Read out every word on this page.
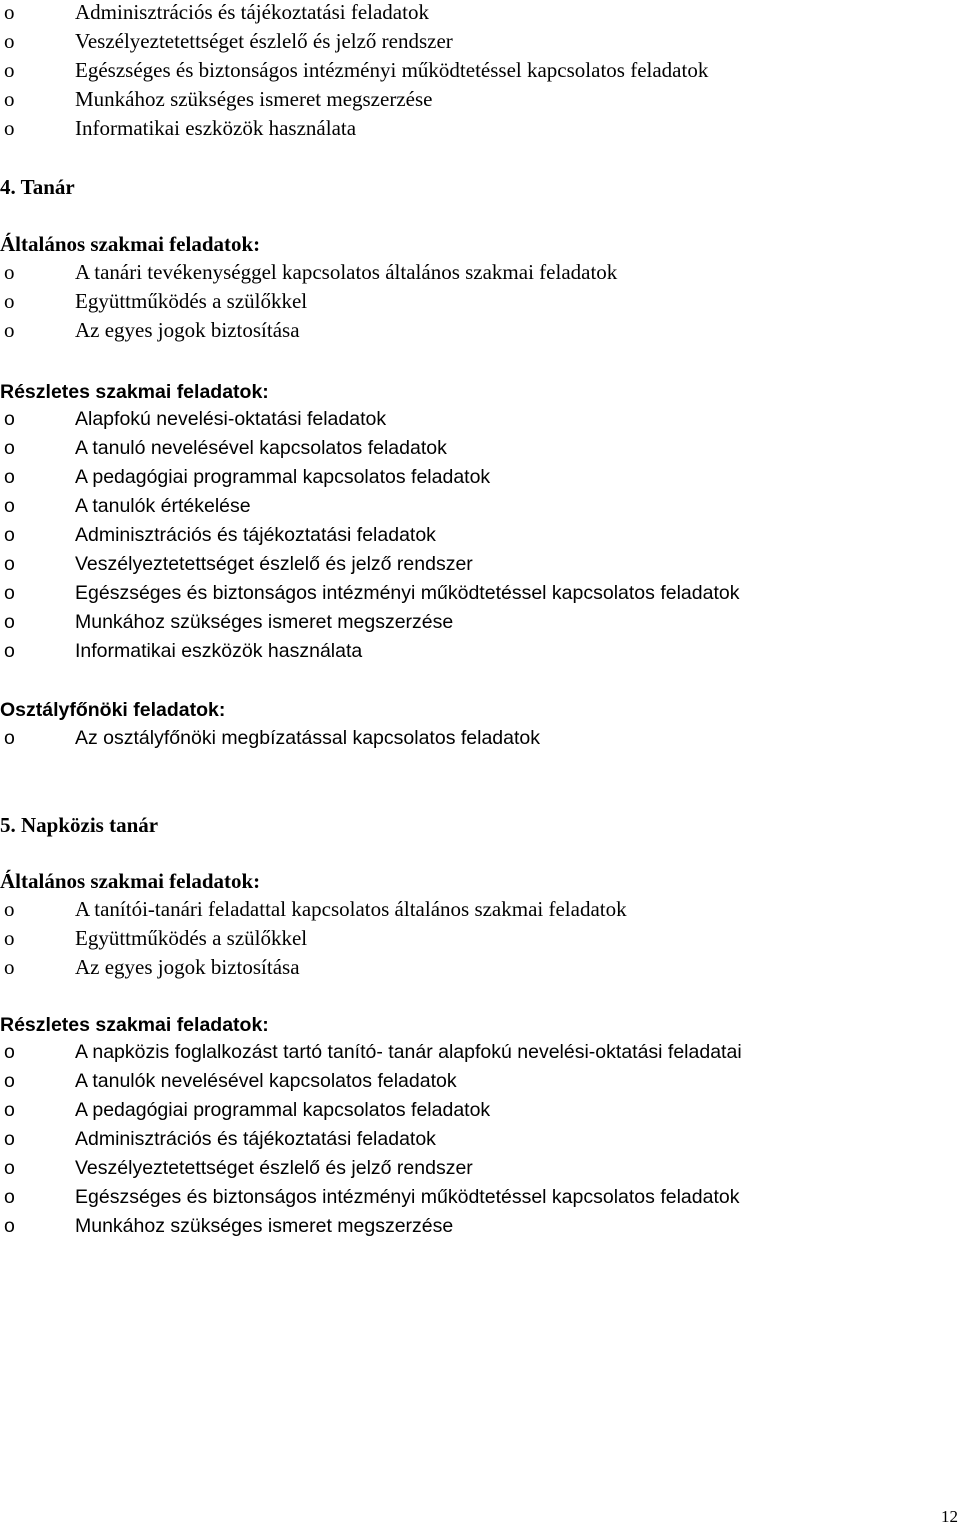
o	Adminisztrációs és tájékoztatási feladatok
o	Veszélyeztetettséget észlelő és jelző rendszer
o	Egészséges és biztonságos intézményi működtetéssel kapcsolatos feladatok
o	Munkához szükséges ismeret megszerzése
o	Informatikai eszközök használata
4. Tanár
Általános szakmai feladatok:
o	A tanári tevékenységgel kapcsolatos általános szakmai feladatok
o	Együttműködés a szülőkkel
o	Az egyes jogok biztosítása
Részletes szakmai feladatok:
o	Alapfokú nevelési-oktatási feladatok
o	A tanuló nevelésével kapcsolatos feladatok
o	A pedagógiai programmal kapcsolatos feladatok
o	A tanulók értékelése
o	Adminisztrációs és tájékoztatási feladatok
o	Veszélyeztetettséget észlelő és jelző rendszer
o	Egészséges és biztonságos intézményi működtetéssel kapcsolatos feladatok
o	Munkához szükséges ismeret megszerzése
o	Informatikai eszközök használata
Osztályfőnöki feladatok:
o	Az osztályfőnöki megbízatással kapcsolatos feladatok
5. Napközis tanár
Általános szakmai feladatok:
o	A tanítói-tanári feladattal kapcsolatos általános szakmai feladatok
o	Együttműködés a szülőkkel
o	Az egyes jogok biztosítása
Részletes szakmai feladatok:
o	A napközis foglalkozást tartó tanító- tanár alapfokú nevelési-oktatási feladatai
o	A tanulók nevelésével kapcsolatos feladatok
o	A pedagógiai programmal kapcsolatos feladatok
o	Adminisztrációs és tájékoztatási feladatok
o	Veszélyeztetettséget észlelő és jelző rendszer
o	Egészséges és biztonságos intézményi működtetéssel kapcsolatos feladatok
o	Munkához szükséges ismeret megszerzése
12
